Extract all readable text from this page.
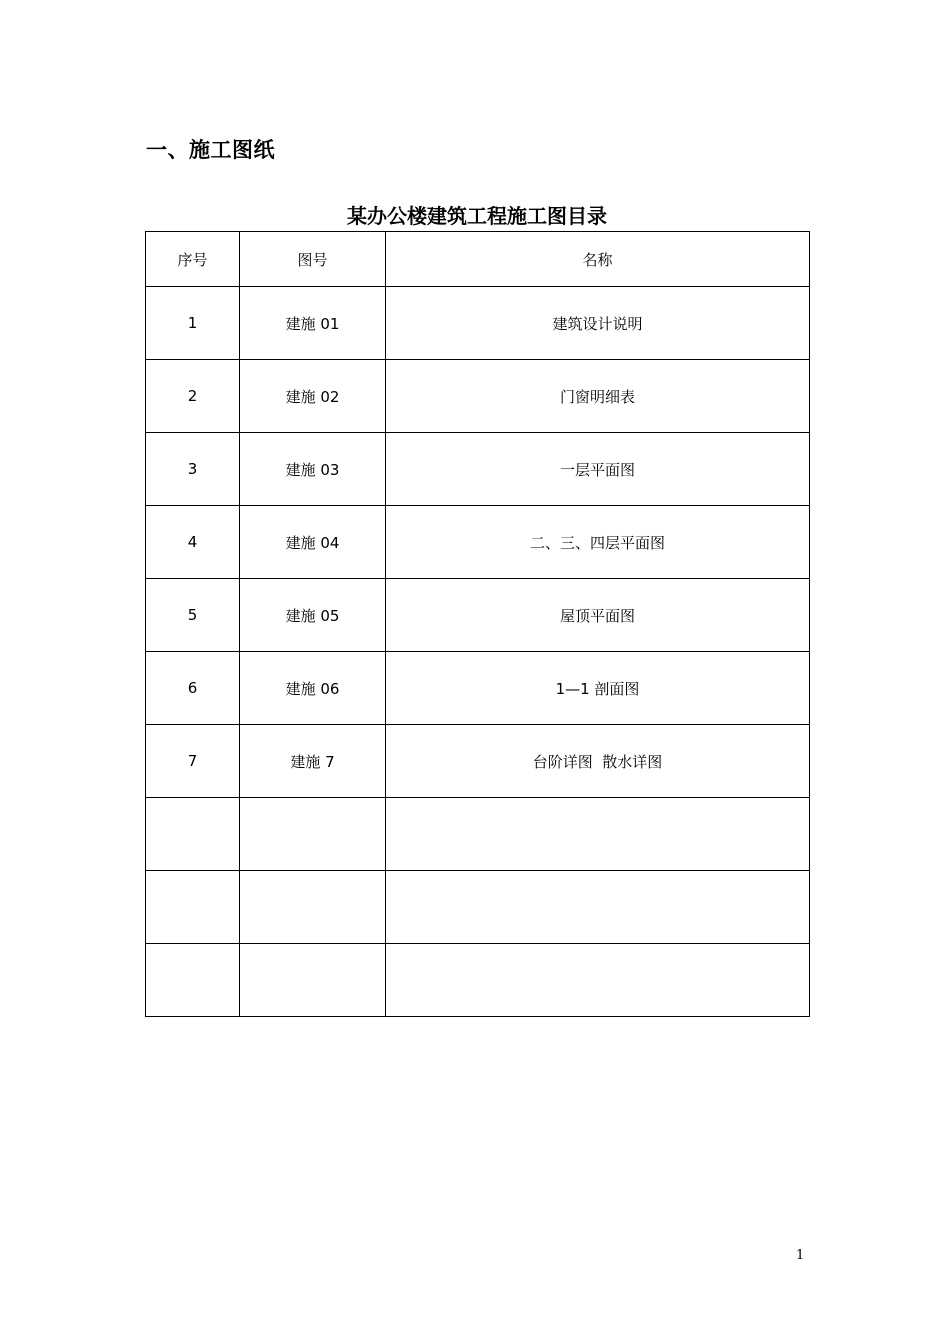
一、施工图纸
某办公楼建筑工程施工图目录
序号	图号	名称
1	建施 01	建筑设计说明
2	建施 02	门窗明细表
3	建施 03	一层平面图
4	建施 04	二、三、四层平面图
5	建施 05	屋顶平面图
6	建施 06	1—1 剖面图
7	建施 7	台阶详图  散水详图

1
